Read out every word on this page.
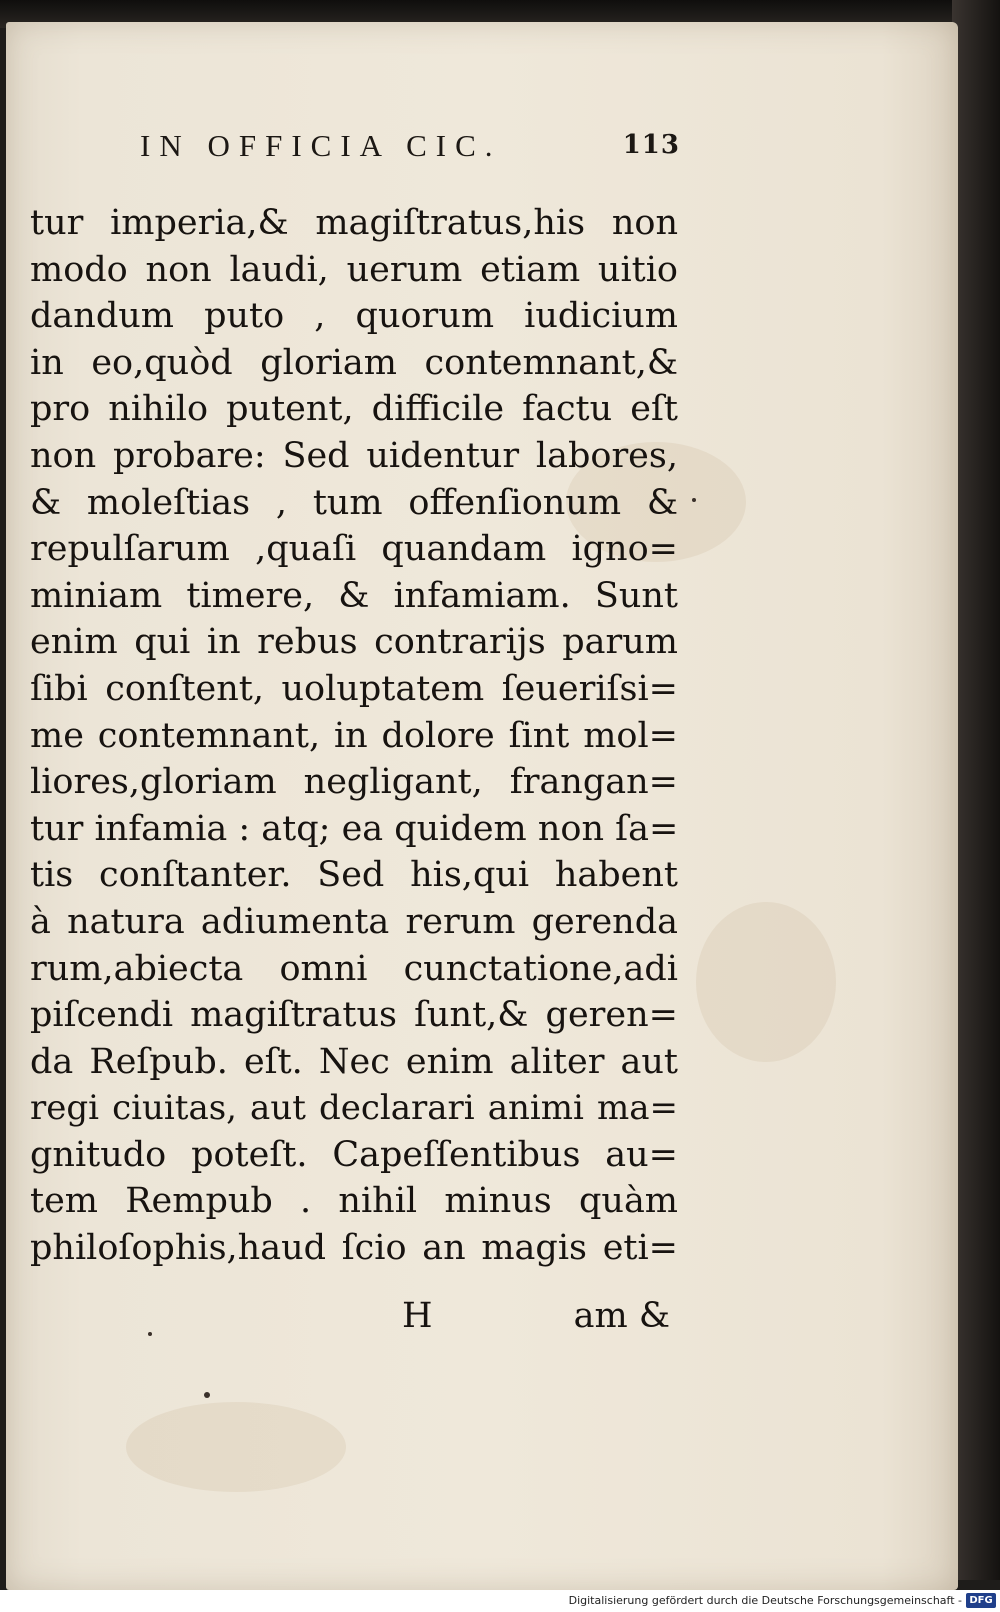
IN OFFICIA CIC.	113
tur imperia,& magiſtratus,his non
modo non laudi, uerum etiam uitio
dandum puto , quorum iudicium
in eo,quòd gloriam contemnant,&
pro nihilo putent, difficile factu eſt
non probare: Sed uidentur labores,
& moleſtias , tum offenſionum &
repulſarum ,quaſi quandam igno=
miniam timere, & infamiam. Sunt
enim qui in rebus contrarijs parum
ſibi conſtent, uoluptatem ſeueriſsi=
me contemnant, in dolore ſint mol=
liores,gloriam negligant, frangan=
tur infamia : atq; ea quidem non ſa=
tis conſtanter. Sed his,qui habent
à natura adiumenta rerum gerenda
rum,abiecta omni cunctatione,adi
piſcendi magiſtratus ſunt,& geren=
da Reſpub. eſt. Nec enim aliter aut
regi ciuitas, aut declarari animi ma=
gnitudo poteſt. Capeſſentibus au=
tem Rempub . nihil minus quàm
philoſophis,haud ſcio an magis eti=
H	am &
Digitalisierung gefördert durch die Deutsche Forschungsgemeinschaft - DFG
